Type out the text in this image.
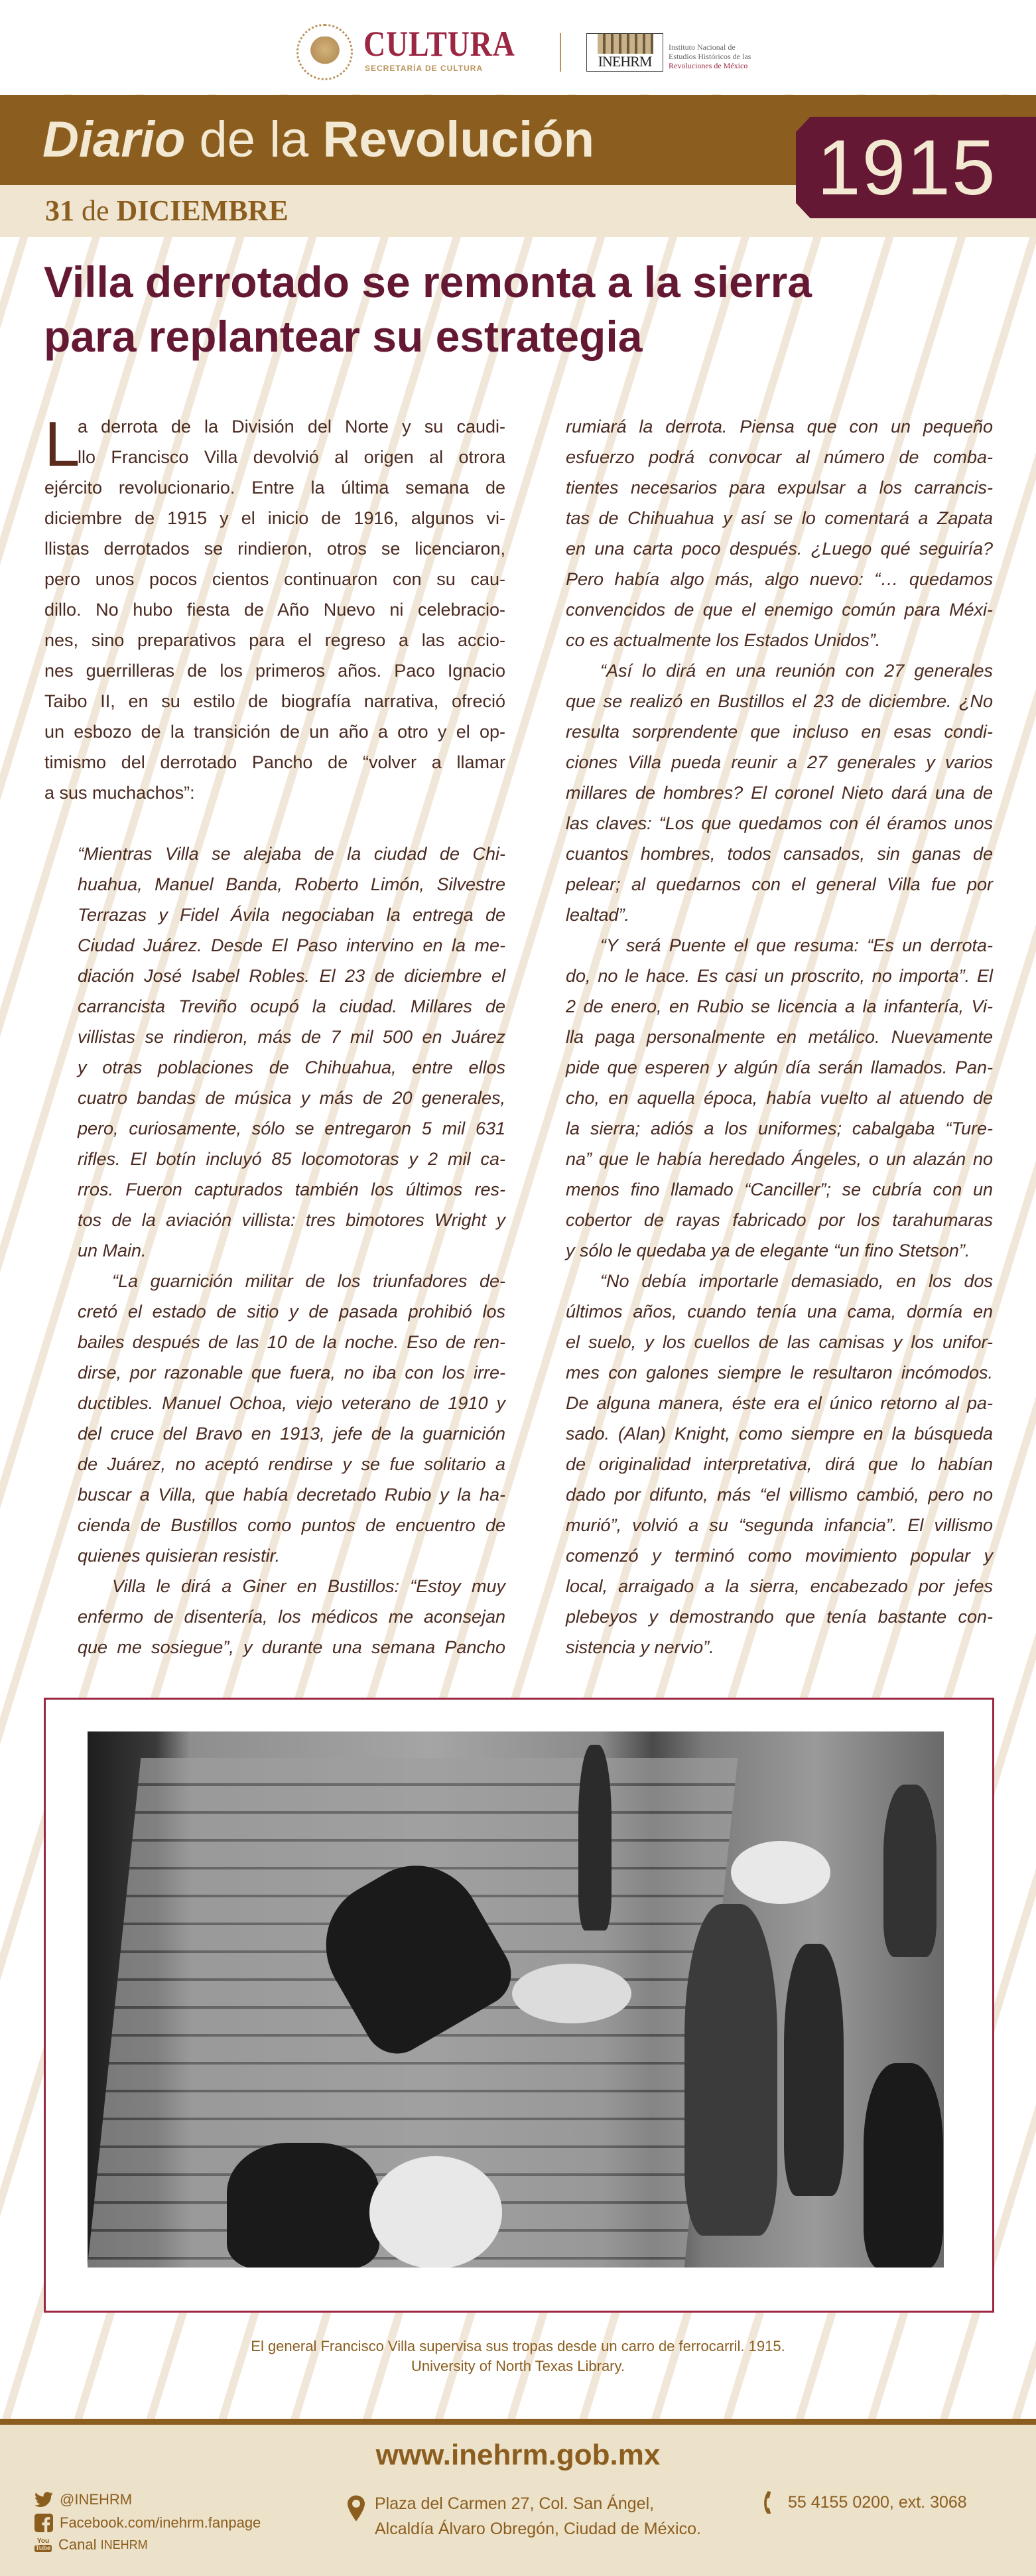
CULTURA
SECRETARÍA DE CULTURA	INEHRM
Instituto Nacional de
Estudios Históricos de las
Revoluciones de México
Diario de la Revolución
31 de DICIEMBRE	1915
Villa derrotado se remonta a la sierra
para replantear su estrategia
L
a derrota de la División del Norte y su caudi-
llo Francisco Villa devolvió al origen al otrora
ejército revolucionario. Entre la última semana de
diciembre de 1915 y el inicio de 1916, algunos vi-
llistas derrotados se rindieron, otros se licenciaron,
pero unos pocos cientos continuaron con su cau-
dillo. No hubo fiesta de Año Nuevo ni celebracio-
nes, sino preparativos para el regreso a las accio-
nes guerrilleras de los primeros años. Paco Ignacio
Taibo II, en su estilo de biografía narrativa, ofreció
un esbozo de la transición de un año a otro y el op-
timismo del derrotado Pancho de “volver a llamar
a sus muchachos”:
“Mientras Villa se alejaba de la ciudad de Chi-
huahua, Manuel Banda, Roberto Limón, Silvestre
Terrazas y Fidel Ávila negociaban la entrega de
Ciudad Juárez. Desde El Paso intervino en la me-
diación José Isabel Robles. El 23 de diciembre el
carrancista Treviño ocupó la ciudad. Millares de
villistas se rindieron, más de 7 mil 500 en Juárez
y otras poblaciones de Chihuahua, entre ellos
cuatro bandas de música y más de 20 generales,
pero, curiosamente, sólo se entregaron 5 mil 631
rifles. El botín incluyó 85 locomotoras y 2 mil ca-
rros. Fueron capturados también los últimos res-
tos de la aviación villista: tres bimotores Wright y
un Main.
“La guarnición militar de los triunfadores de-
cretó el estado de sitio y de pasada prohibió los
bailes después de las 10 de la noche. Eso de ren-
dirse, por razonable que fuera, no iba con los irre-
ductibles. Manuel Ochoa, viejo veterano de 1910 y
del cruce del Bravo en 1913, jefe de la guarnición
de Juárez, no aceptó rendirse y se fue solitario a
buscar a Villa, que había decretado Rubio y la ha-
cienda de Bustillos como puntos de encuentro de
quienes quisieran resistir.
Villa le dirá a Giner en Bustillos: “Estoy muy
enfermo de disentería, los médicos me aconsejan
que me sosiegue”, y durante una semana Pancho
rumiará la derrota. Piensa que con un pequeño
esfuerzo podrá convocar al número de comba-
tientes necesarios para expulsar a los carrancis-
tas de Chihuahua y así se lo comentará a Zapata
en una carta poco después. ¿Luego qué seguiría?
Pero había algo más, algo nuevo: “… quedamos
convencidos de que el enemigo común para Méxi-
co es actualmente los Estados Unidos”.
“Así lo dirá en una reunión con 27 generales
que se realizó en Bustillos el 23 de diciembre. ¿No
resulta sorprendente que incluso en esas condi-
ciones Villa pueda reunir a 27 generales y varios
millares de hombres? El coronel Nieto dará una de
las claves: “Los que quedamos con él éramos unos
cuantos hombres, todos cansados, sin ganas de
pelear; al quedarnos con el general Villa fue por
lealtad”.
“Y será Puente el que resuma: “Es un derrota-
do, no le hace. Es casi un proscrito, no importa”. El
2 de enero, en Rubio se licencia a la infantería, Vi-
lla paga personalmente en metálico. Nuevamente
pide que esperen y algún día serán llamados. Pan-
cho, en aquella época, había vuelto al atuendo de
la sierra; adiós a los uniformes; cabalgaba “Ture-
na” que le había heredado Ángeles, o un alazán no
menos fino llamado “Canciller”; se cubría con un
cobertor de rayas fabricado por los tarahumaras
y sólo le quedaba ya de elegante “un fino Stetson”.
“No debía importarle demasiado, en los dos
últimos años, cuando tenía una cama, dormía en
el suelo, y los cuellos de las camisas y los unifor-
mes con galones siempre le resultaron incómodos.
De alguna manera, éste era el único retorno al pa-
sado. (Alan) Knight, como siempre en la búsqueda
de originalidad interpretativa, dirá que lo habían
dado por difunto, más “el villismo cambió, pero no
murió”, volvió a su “segunda infancia”. El villismo
comenzó y terminó como movimiento popular y
local, arraigado a la sierra, encabezado por jefes
plebeyos y demostrando que tenía bastante con-
sistencia y nervio”.
El general Francisco Villa supervisa sus tropas desde un carro de ferrocarril. 1915.
University of North Texas Library.
www.inehrm.gob.mx
@INEHRM
Facebook.com/inehrm.fanpage
You
Tube Canal INEHRM
Plaza del Carmen 27, Col. San Ángel,
Alcaldía Álvaro Obregón, Ciudad de México.
55 4155 0200, ext. 3068
